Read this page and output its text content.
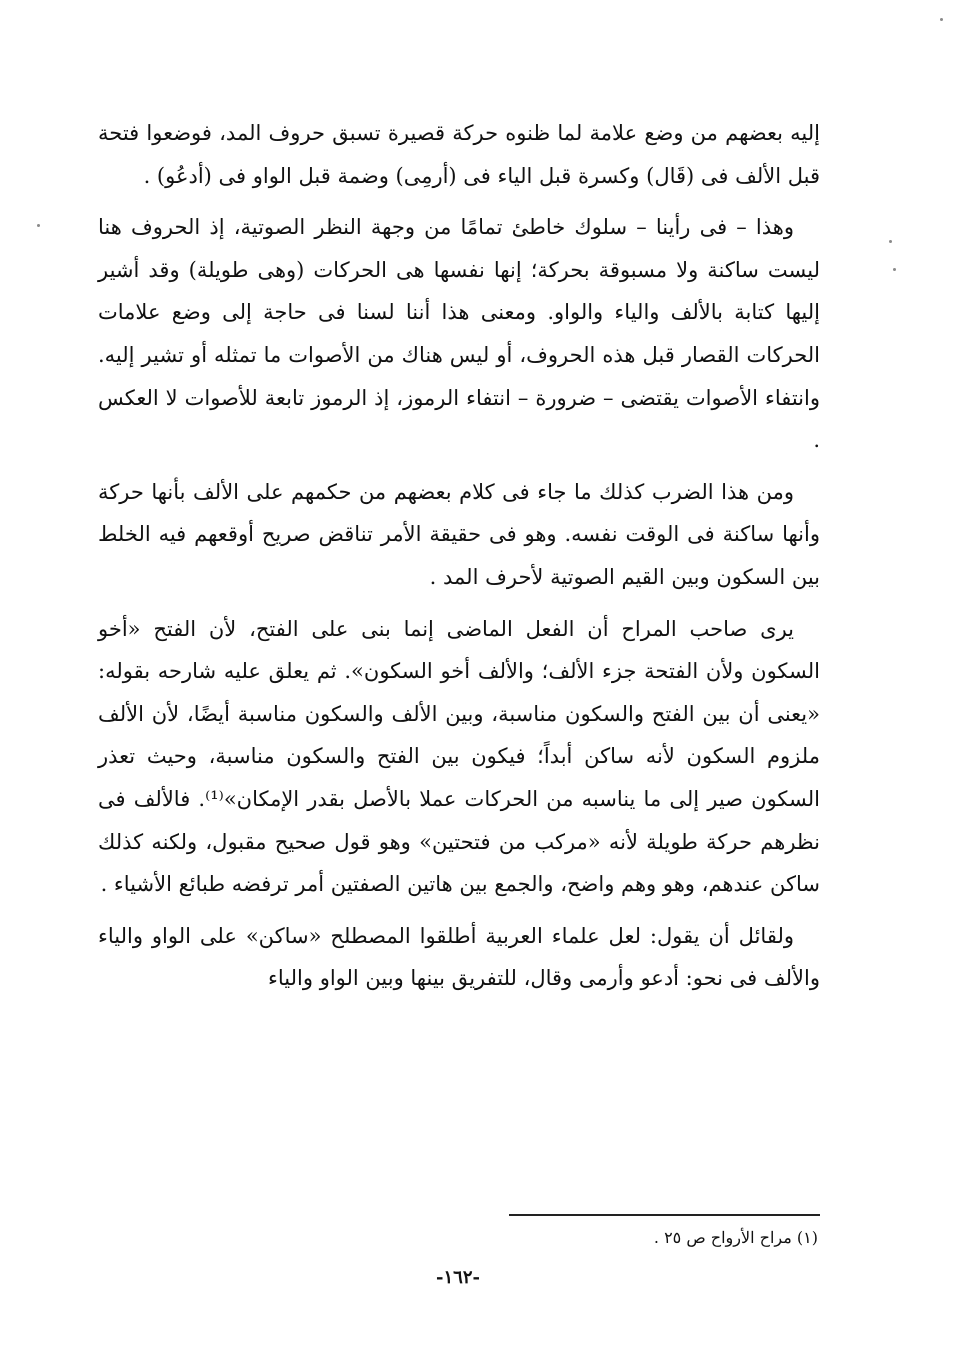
إليه بعضهم من وضع علامة لما ظنوه حركة قصيرة تسبق حروف المد، فوضعوا فتحة قبل الألف فى (قَال) وكسرة قبل الياء فى (أرمِى) وضمة قبل الواو فى (أدعُو) .

وهذا – فى رأينا – سلوك خاطئ تمامًا من وجهة النظر الصوتية، إذ الحروف هنا ليست ساكنة ولا مسبوقة بحركة؛ إنها نفسها هى الحركات (وهى طويلة) وقد أشير إليها كتابة بالألف والياء والواو. ومعنى هذا أننا لسنا فى حاجة إلى وضع علامات الحركات القصار قبل هذه الحروف، أو ليس هناك من الأصوات ما تمثله أو تشير إليه. وانتفاء الأصوات يقتضى – ضرورة – انتفاء الرموز، إذ الرموز تابعة للأصوات لا العكس .

ومن هذا الضرب كذلك ما جاء فى كلام بعضهم من حكمهم على الألف بأنها حركة وأنها ساكنة فى الوقت نفسه. وهو فى حقيقة الأمر تناقض صريح أوقعهم فيه الخلط بين السكون وبين القيم الصوتية لأحرف المد .

يرى صاحب المراح أن الفعل الماضى إنما بنى على الفتح، لأن الفتح «أخو السكون ولأن الفتحة جزء الألف؛ والألف أخو السكون». ثم يعلق عليه شارحه بقوله: «يعنى أن بين الفتح والسكون مناسبة، وبين الألف والسكون مناسبة أيضًا، لأن الألف ملزوم السكون لأنه ساكن أبداً؛ فيكون بين الفتح والسكون مناسبة، وحيث تعذر السكون صير إلى ما يناسبه من الحركات عملا بالأصل بقدر الإمكان»⁽¹⁾. فالألف فى نظرهم حركة طويلة لأنه «مركب من فتحتين» وهو قول صحيح مقبول، ولكنه كذلك ساكن عندهم، وهو وهم واضح، والجمع بين هاتين الصفتين أمر ترفضه طبائع الأشياء .

ولقائل أن يقول: لعل علماء العربية أطلقوا المصطلح «ساكن» على الواو والياء والألف فى نحو: أدعو وأرمى وقال، للتفريق بينها وبين الواو والياء

(١) مراح الأرواح ص ٢٥ .
-١٦٢-
